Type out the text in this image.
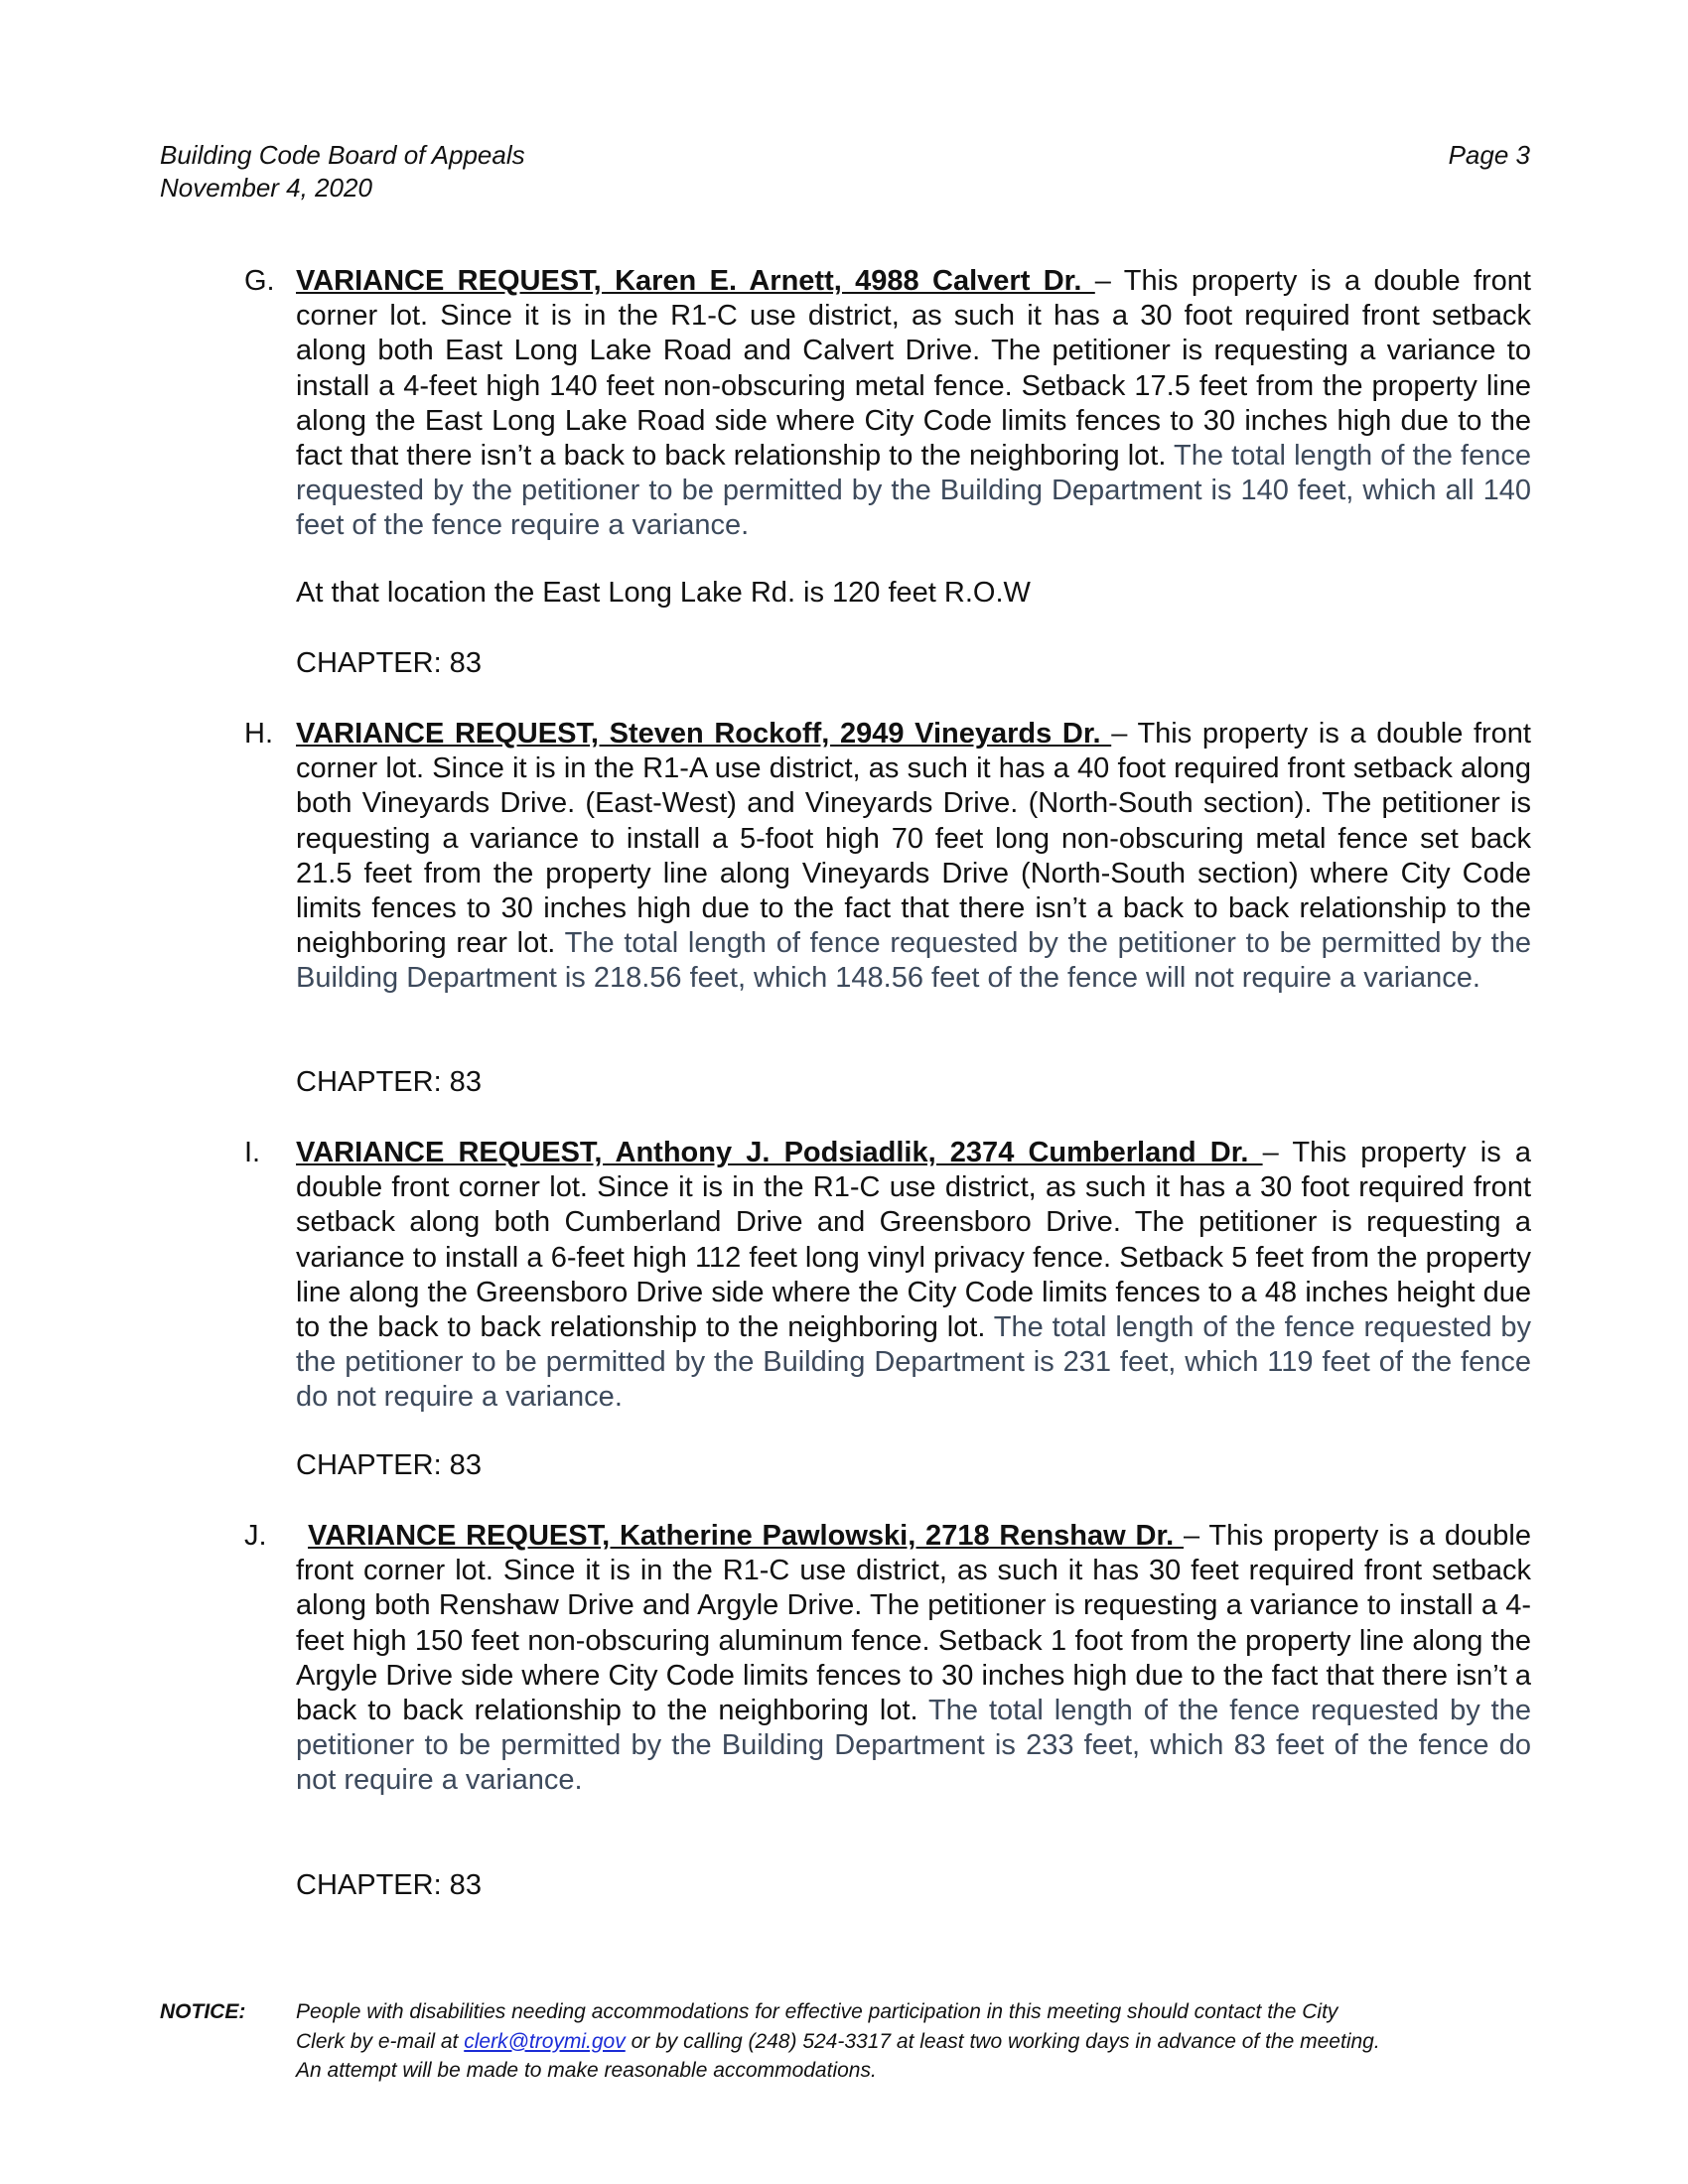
Building Code Board of Appeals
November 4, 2020
Page 3
G. VARIANCE REQUEST, Karen E. Arnett, 4988 Calvert Dr. – This property is a double front corner lot. Since it is in the R1-C use district, as such it has a 30 foot required front setback along both East Long Lake Road and Calvert Drive. The petitioner is requesting a variance to install a 4-feet high 140 feet non-obscuring metal fence. Setback 17.5 feet from the property line along the East Long Lake Road side where City Code limits fences to 30 inches high due to the fact that there isn’t a back to back relationship to the neighboring lot. The total length of the fence requested by the petitioner to be permitted by the Building Department is 140 feet, which all 140 feet of the fence require a variance.
At that location the East Long Lake Rd. is 120 feet R.O.W
CHAPTER: 83
H. VARIANCE REQUEST, Steven Rockoff, 2949 Vineyards Dr. – This property is a double front corner lot. Since it is in the R1-A use district, as such it has a 40 foot required front setback along both Vineyards Drive. (East-West) and Vineyards Drive. (North-South section). The petitioner is requesting a variance to install a 5-foot high 70 feet long non-obscuring metal fence set back 21.5 feet from the property line along Vineyards Drive (North-South section) where City Code limits fences to 30 inches high due to the fact that there isn’t a back to back relationship to the neighboring rear lot. The total length of fence requested by the petitioner to be permitted by the Building Department is 218.56 feet, which 148.56 feet of the fence will not require a variance.
CHAPTER: 83
I. VARIANCE REQUEST, Anthony J. Podsiadlik, 2374 Cumberland Dr. – This property is a double front corner lot. Since it is in the R1-C use district, as such it has a 30 foot required front setback along both Cumberland Drive and Greensboro Drive. The petitioner is requesting a variance to install a 6-feet high 112 feet long vinyl privacy fence. Setback 5 feet from the property line along the Greensboro Drive side where the City Code limits fences to a 48 inches height due to the back to back relationship to the neighboring lot. The total length of the fence requested by the petitioner to be permitted by the Building Department is 231 feet, which 119 feet of the fence do not require a variance.
CHAPTER: 83
J.	VARIANCE REQUEST, Katherine Pawlowski, 2718 Renshaw Dr. – This property is a double front corner lot. Since it is in the R1-C use district, as such it has 30 feet required front setback along both Renshaw Drive and Argyle Drive. The petitioner is requesting a variance to install a 4-feet high 150 feet non-obscuring aluminum fence. Setback 1 foot from the property line along the Argyle Drive side where City Code limits fences to 30 inches high due to the fact that there isn’t a back to back relationship to the neighboring lot. The total length of the fence requested by the petitioner to be permitted by the Building Department is 233 feet, which 83 feet of the fence do not require a variance.
CHAPTER: 83
NOTICE: People with disabilities needing accommodations for effective participation in this meeting should contact the City Clerk by e-mail at clerk@troymi.gov or by calling (248) 524-3317 at least two working days in advance of the meeting. An attempt will be made to make reasonable accommodations.
